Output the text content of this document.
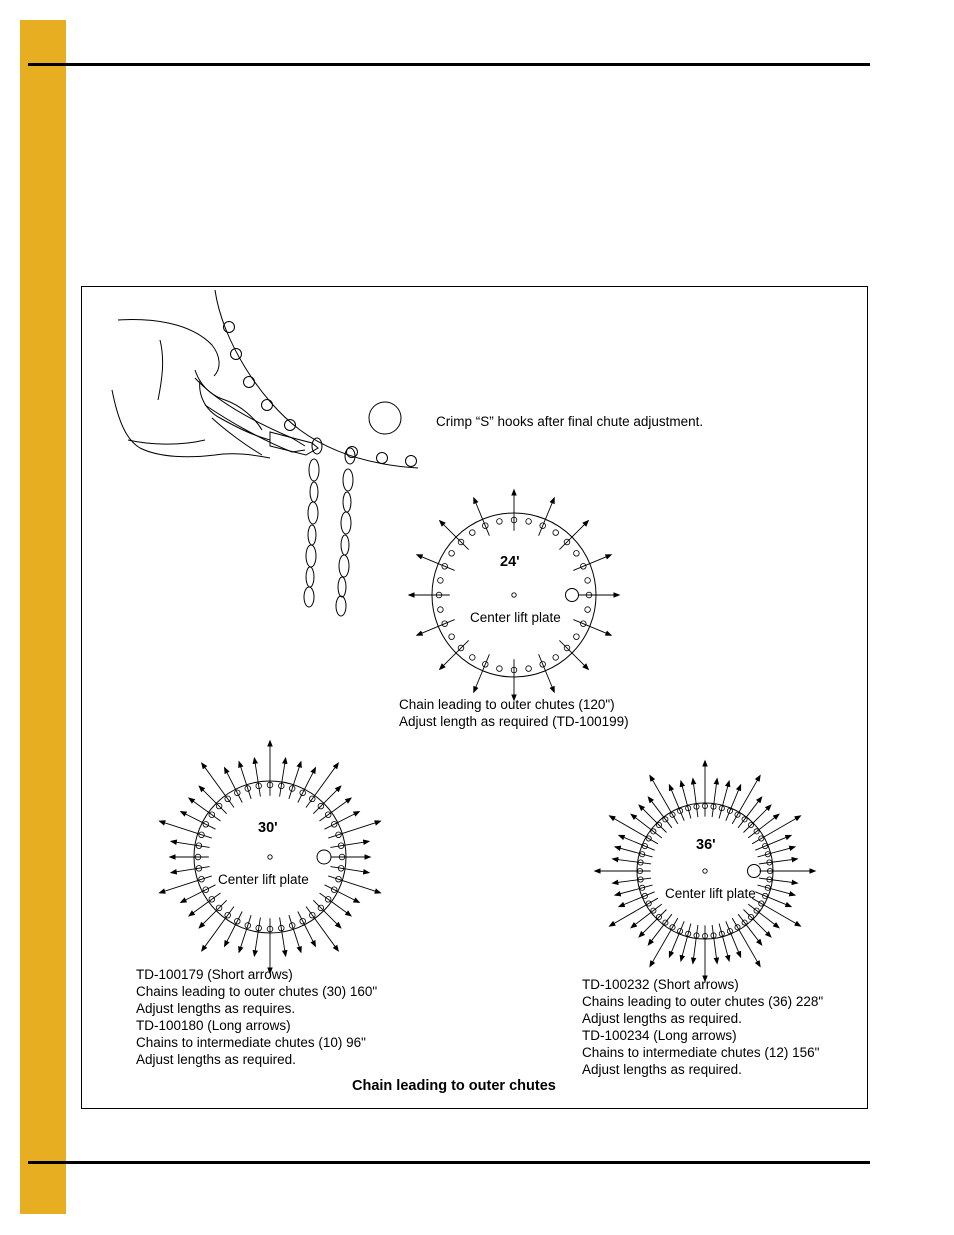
Crimp “S” hooks after final chute adjustment.
24'
Center lift plate

Chain leading to outer chutes (120")

Adjust length as required (TD-100199)

30'
Center lift plate

TD-100179 (Short arrows)

Chains leading to outer chutes (30) 160"

Adjust lengths as requires.

TD-100180 (Long arrows)

Chains to intermediate chutes (10) 96"

Adjust lengths as required.

36'
Center lift plate

TD-100232 (Short arrows)

Chains leading to outer chutes (36) 228"

Adjust lengths as required.

TD-100234 (Long arrows)

Chains to intermediate chutes (12) 156"

Adjust lengths as required.

Chain leading to outer chutes
